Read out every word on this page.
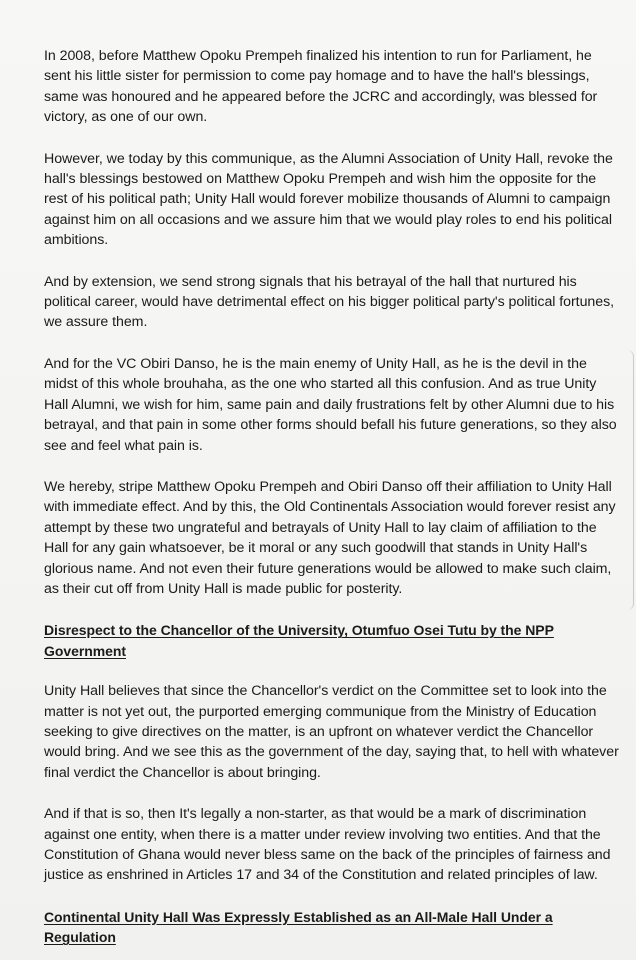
In 2008, before Matthew Opoku Prempeh finalized his intention to run for Parliament, he sent his little sister for permission to come pay homage and to have the hall's blessings, same was honoured and he appeared before the JCRC and accordingly, was blessed for victory, as one of our own.

However, we today by this communique, as the Alumni Association of Unity Hall, revoke the hall's blessings bestowed on Matthew Opoku Prempeh and wish him the opposite for the rest of his political path; Unity Hall would forever mobilize thousands of Alumni to campaign against him on all occasions and we assure him that we would play roles to end his political ambitions.

And by extension, we send strong signals that his betrayal of the hall that nurtured his political career, would have detrimental effect on his bigger political party's political fortunes, we assure them.

And for the VC Obiri Danso, he is the main enemy of Unity Hall, as he is the devil in the midst of this whole brouhaha, as the one who started all this confusion. And as true Unity Hall Alumni, we wish for him, same pain and daily frustrations felt by other Alumni due to his betrayal, and that pain in some other forms should befall his future generations, so they also see and feel what pain is.

We hereby, stripe Matthew Opoku Prempeh and Obiri Danso off their affiliation to Unity Hall with immediate effect. And by this, the Old Continentals Association would forever resist any attempt by these two ungrateful and betrayals of Unity Hall to lay claim of affiliation to the Hall for any gain whatsoever, be it moral or any such goodwill that stands in Unity Hall's glorious name. And not even their future generations would be allowed to make such claim, as their cut off from Unity Hall is made public for posterity.

Disrespect to the Chancellor of the University, Otumfuo Osei Tutu by the NPP Government

Unity Hall believes that since the Chancellor's verdict on the Committee set to look into the matter is not yet out, the purported emerging communique from the Ministry of Education seeking to give directives on the matter, is an upfront on whatever verdict the Chancellor would bring. And we see this as the government of the day, saying that, to hell with whatever final verdict the Chancellor is about bringing.

And if that is so, then It's legally a non-starter, as that would be a mark of discrimination against one entity, when there is a matter under review involving two entities. And that the Constitution of Ghana would never bless same on the back of the principles of fairness and justice as enshrined in Articles 17 and 34 of the Constitution and related principles of law.

Continental Unity Hall Was Expressly Established as an All-Male Hall Under a Regulation
